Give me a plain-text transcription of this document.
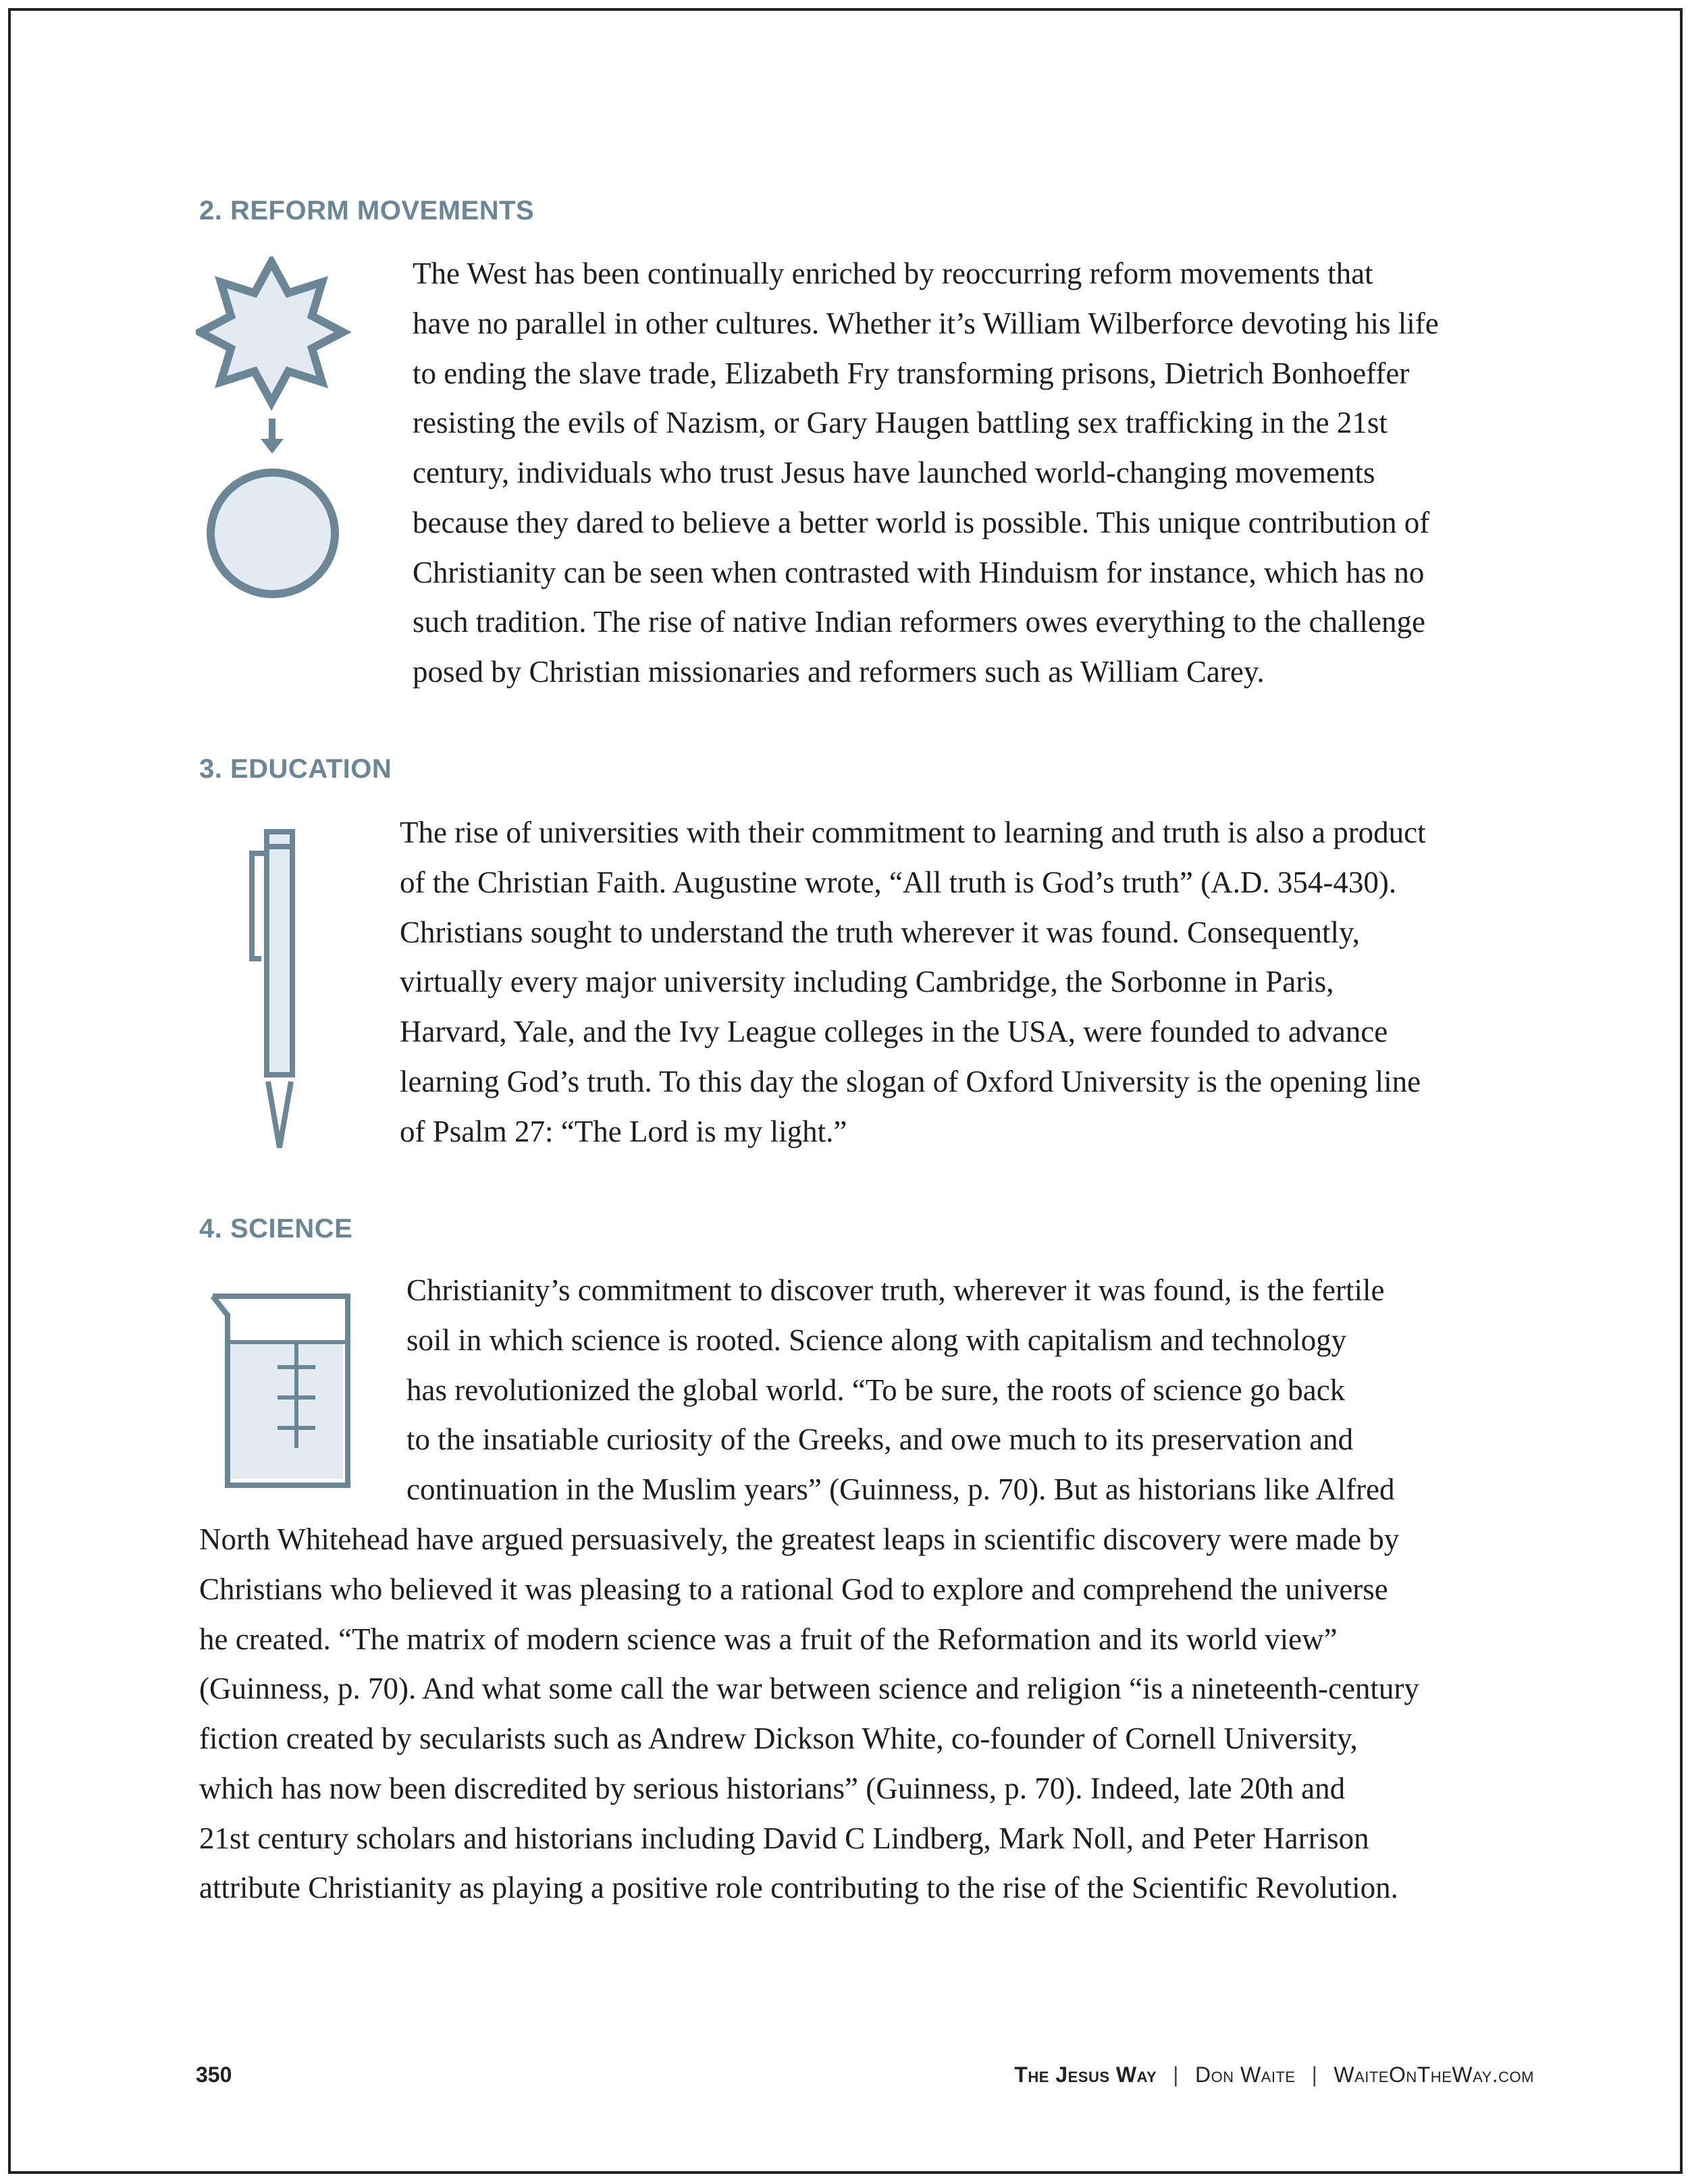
2. REFORM MOVEMENTS
The West has been continually enriched by reoccurring reform movements that
have no parallel in other cultures. Whether it’s William Wilberforce devoting his life
to ending the slave trade, Elizabeth Fry transforming prisons, Dietrich Bonhoeffer
resisting the evils of Nazism, or Gary Haugen battling sex trafficking in the 21st
century, individuals who trust Jesus have launched world-changing movements
because they dared to believe a better world is possible. This unique contribution of
Christianity can be seen when contrasted with Hinduism for instance, which has no
such tradition. The rise of native Indian reformers owes everything to the challenge
posed by Christian missionaries and reformers such as William Carey.
3. EDUCATION
The rise of universities with their commitment to learning and truth is also a product
of the Christian Faith. Augustine wrote, “All truth is God’s truth” (A.D. 354-430).
Christians sought to understand the truth wherever it was found. Consequently,
virtually every major university including Cambridge, the Sorbonne in Paris,
Harvard, Yale, and the Ivy League colleges in the USA, were founded to advance
learning God’s truth. To this day the slogan of Oxford University is the opening line
of Psalm 27: “The Lord is my light.”
4. SCIENCE
Christianity’s commitment to discover truth, wherever it was found, is the fertile
soil in which science is rooted. Science along with capitalism and technology
has revolutionized the global world. “To be sure, the roots of science go back
to the insatiable curiosity of the Greeks, and owe much to its preservation and
continuation in the Muslim years” (Guinness, p. 70). But as historians like Alfred
North Whitehead have argued persuasively, the greatest leaps in scientific discovery were made by
Christians who believed it was pleasing to a rational God to explore and comprehend the universe
he created. “The matrix of modern science was a fruit of the Reformation and its world view”
(Guinness, p. 70). And what some call the war between science and religion “is a nineteenth-century
fiction created by secularists such as Andrew Dickson White, co-founder of Cornell University,
which has now been discredited by serious historians” (Guinness, p. 70). Indeed, late 20th and
21st century scholars and historians including David C Lindberg, Mark Noll, and Peter Harrison
attribute Christianity as playing a positive role contributing to the rise of the Scientific Revolution.
350	The Jesus Way | Don Waite | WaiteOnTheWay.com
